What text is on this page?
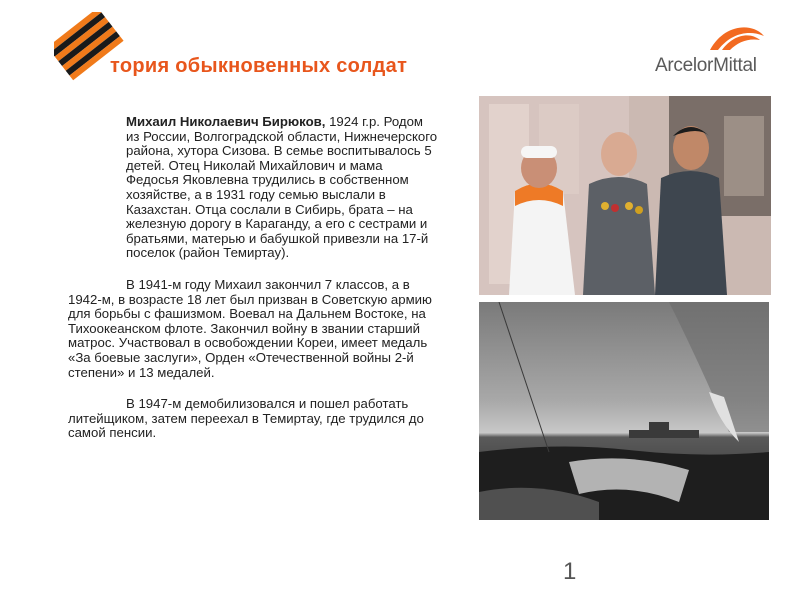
тория обыкновенных солдат	ArcelorMittal

Михаил Николаевич Бирюков, 1924 г.р. Родом из России, Волгоградской области, Нижнечерского района, хутора Сизова. В семье воспитывалось 5 детей. Отец Николай Михайлович и мама Федосья Яковлевна трудились в собственном хозяйстве, а в 1931 году семью выслали в Казахстан. Отца сослали в Сибирь, брата – на железную дорогу в Караганду, а его с сестрами и братьями, матерью и бабушкой привезли на 17-й поселок (район Темиртау).

В 1941-м году Михаил закончил 7 классов, а в 1942-м, в возрасте 18 лет был призван в Советскую армию для борьбы с фашизмом. Воевал на Дальнем Востоке, на Тихоокеанском флоте. Закончил войну в звании старший матрос. Участвовал в освобождении Кореи, имеет медаль «За боевые заслуги», Орден «Отечественной войны 2-й степени» и 13 медалей.

В 1947-м демобилизовался и пошел работать литейщиком, затем переехал в Темиртау, где трудился до самой пенсии.

1
